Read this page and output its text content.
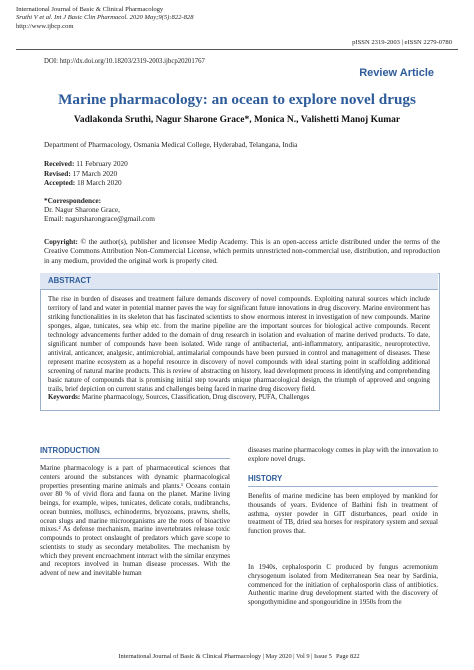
International Journal of Basic & Clinical Pharmacology
Sruthi V et al. Int J Basic Clin Pharmacol. 2020 May;9(5):822-828
http://www.ijbcp.com
pISSN 2319-2003 | eISSN 2279-0780
DOI: http://dx.doi.org/10.18203/2319-2003.ijbcp20201767
Review Article
Marine pharmacology: an ocean to explore novel drugs
Vadlakonda Sruthi, Nagur Sharone Grace*, Monica N., Valishetti Manoj Kumar
Department of Pharmacology, Osmania Medical College, Hyderabad, Telangana, India
Received: 11 February 2020
Revised: 17 March 2020
Accepted: 18 March 2020
*Correspondence:
Dr. Nagur Sharone Grace,
Email: nagursharongrace@gmail.com
Copyright: © the author(s), publisher and licensee Medip Academy. This is an open-access article distributed under the terms of the Creative Commons Attribution Non-Commercial License, which permits unrestricted non-commercial use, distribution, and reproduction in any medium, provided the original work is properly cited.
ABSTRACT
The rise in burden of diseases and treatment failure demands discovery of novel compounds. Exploiting natural sources which include territory of land and water in potential manner paves the way for significant future innovations in drug discovery. Marine environment has striking functionalities in its skeleton that has fascinated scientists to show enormous interest in investigation of new compounds. Marine sponges, algae, tunicates, sea whip etc. from the marine pipeline are the important sources for biological active compounds. Recent technology advancements further added to the domain of drug research in isolation and evaluation of marine derived products. To date, significant number of compounds have been isolated. Wide range of antibacterial, anti-inflammatory, antiparasitic, neuroprotective, antiviral, anticancer, analgesic, antimicrobial, antimalarial compounds have been pursued in control and management of diseases. These represent marine ecosystem as a hopeful resource in discovery of novel compounds with ideal starting point in scaffolding additional screening of natural marine products. This is review of abstracting on history, lead development process in identifying and comprehending basic nature of compounds that is promising initial step towards unique pharmacological design, the triumph of approved and ongoing trails, brief depiction on current status and challenges being faced in marine drug discovery field.
Keywords: Marine pharmacology, Sources, Classification, Drug discovery, PUFA, Challenges
INTRODUCTION
Marine pharmacology is a part of pharmaceutical sciences that centers around the substances with dynamic pharmacological properties presenting marine animals and plants.¹ Oceans contain over 80 % of vivid flora and fauna on the planet. Marine living beings, for example, wipes, tunicates, delicate corals, nudibranchs, ocean bunnies, molluscs, echinoderms, bryozoans, prawns, shells, ocean slugs and marine microorganisms are the roots of bioactive mixes.² As defense mechanism, marine invertebrates release toxic compounds to protect onslaught of predators which gave scope to scientists to study as secondary metabolites. The mechanism by which they prevent encroachment interact with the similar enzymes and receptors involved in human disease processes. With the advent of new and inevitable human
diseases marine pharmacology comes in play with the innovation to explore novel drugs.
HISTORY
Benefits of marine medicine has been employed by mankind for thousands of years. Evidence of Bathini fish in treatment of asthma, oyster powder in GIT disturbances, pearl oxide in treatment of TB, dried sea horses for respiratory system and sexual function proves that.
In 1940s, cephalosporin C produced by fungus acremonium chrysogenum isolated from Mediterranean Sea near by Sardinia, commenced for the initiation of cephalosporin class of antibiotics. Authentic marine drug development started with the discovery of spongothymidine and spongouridine in 1950s from the
International Journal of Basic & Clinical Pharmacology | May 2020 | Vol 9 | Issue 5 Page 822
